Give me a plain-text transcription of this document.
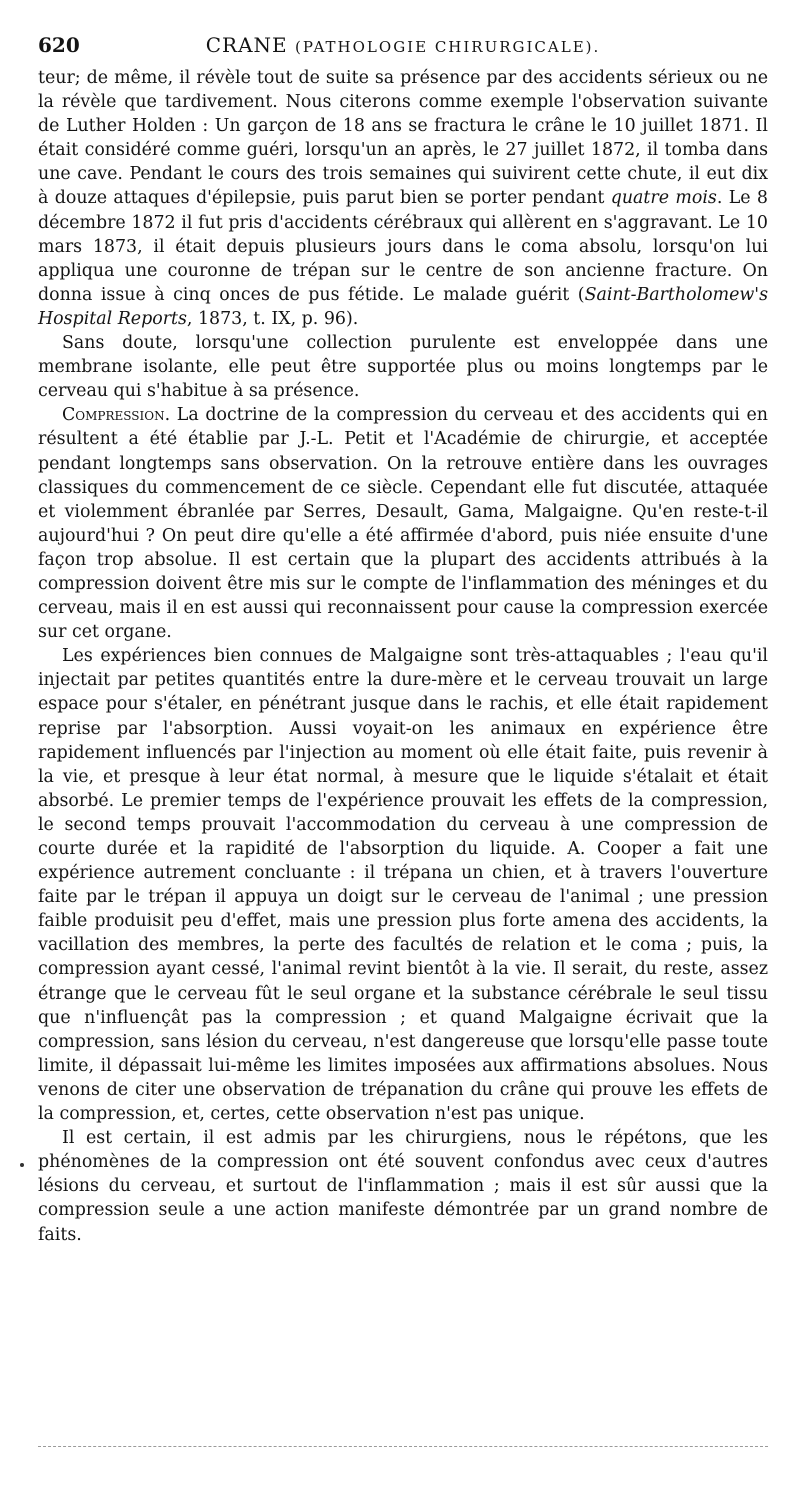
620	CRANE (PATHOLOGIE CHIRURGICALE).

teur; de même, il révèle tout de suite sa présence par des accidents sérieux ou ne la révèle que tardivement. Nous citerons comme exemple l'observation suivante de Luther Holden : Un garçon de 18 ans se fractura le crâne le 10 juillet 1871. Il était considéré comme guéri, lorsqu'un an après, le 27 juillet 1872, il tomba dans une cave. Pendant le cours des trois semaines qui suivirent cette chute, il eut dix à douze attaques d'épilepsie, puis parut bien se porter pendant quatre mois. Le 8 décembre 1872 il fut pris d'accidents cérébraux qui allèrent en s'aggravant. Le 10 mars 1873, il était depuis plusieurs jours dans le coma absolu, lorsqu'on lui appliqua une couronne de trépan sur le centre de son ancienne fracture. On donna issue à cinq onces de pus fétide. Le malade guérit (Saint-Bartholomew's Hospital Reports, 1873, t. IX, p. 96).

Sans doute, lorsqu'une collection purulente est enveloppée dans une membrane isolante, elle peut être supportée plus ou moins longtemps par le cerveau qui s'habitue à sa présence.

Compression. La doctrine de la compression du cerveau et des accidents qui en résultent a été établie par J.-L. Petit et l'Académie de chirurgie, et acceptée pendant longtemps sans observation. On la retrouve entière dans les ouvrages classiques du commencement de ce siècle. Cependant elle fut discutée, attaquée et violemment ébranlée par Serres, Desault, Gama, Malgaigne. Qu'en reste-t-il aujourd'hui ? On peut dire qu'elle a été affirmée d'abord, puis niée ensuite d'une façon trop absolue. Il est certain que la plupart des accidents attribués à la compression doivent être mis sur le compte de l'inflammation des méninges et du cerveau, mais il en est aussi qui reconnaissent pour cause la compression exercée sur cet organe.

Les expériences bien connues de Malgaigne sont très-attaquables ; l'eau qu'il injectait par petites quantités entre la dure-mère et le cerveau trouvait un large espace pour s'étaler, en pénétrant jusque dans le rachis, et elle était rapidement reprise par l'absorption. Aussi voyait-on les animaux en expérience être rapidement influencés par l'injection au moment où elle était faite, puis revenir à la vie, et presque à leur état normal, à mesure que le liquide s'étalait et était absorbé. Le premier temps de l'expérience prouvait les effets de la compression, le second temps prouvait l'accommodation du cerveau à une compression de courte durée et la rapidité de l'absorption du liquide. A. Cooper a fait une expérience autrement concluante : il trépana un chien, et à travers l'ouverture faite par le trépan il appuya un doigt sur le cerveau de l'animal ; une pression faible produisit peu d'effet, mais une pression plus forte amena des accidents, la vacillation des membres, la perte des facultés de relation et le coma ; puis, la compression ayant cessé, l'animal revint bientôt à la vie. Il serait, du reste, assez étrange que le cerveau fût le seul organe et la substance cérébrale le seul tissu que n'influençât pas la compression ; et quand Malgaigne écrivait que la compression, sans lésion du cerveau, n'est dangereuse que lorsqu'elle passe toute limite, il dépassait lui-même les limites imposées aux affirmations absolues. Nous venons de citer une observation de trépanation du crâne qui prouve les effets de la compression, et, certes, cette observation n'est pas unique.

Il est certain, il est admis par les chirurgiens, nous le répétons, que les phénomènes de la compression ont été souvent confondus avec ceux d'autres lésions du cerveau, et surtout de l'inflammation ; mais il est sûr aussi que la compression seule a une action manifeste démontrée par un grand nombre de faits.
